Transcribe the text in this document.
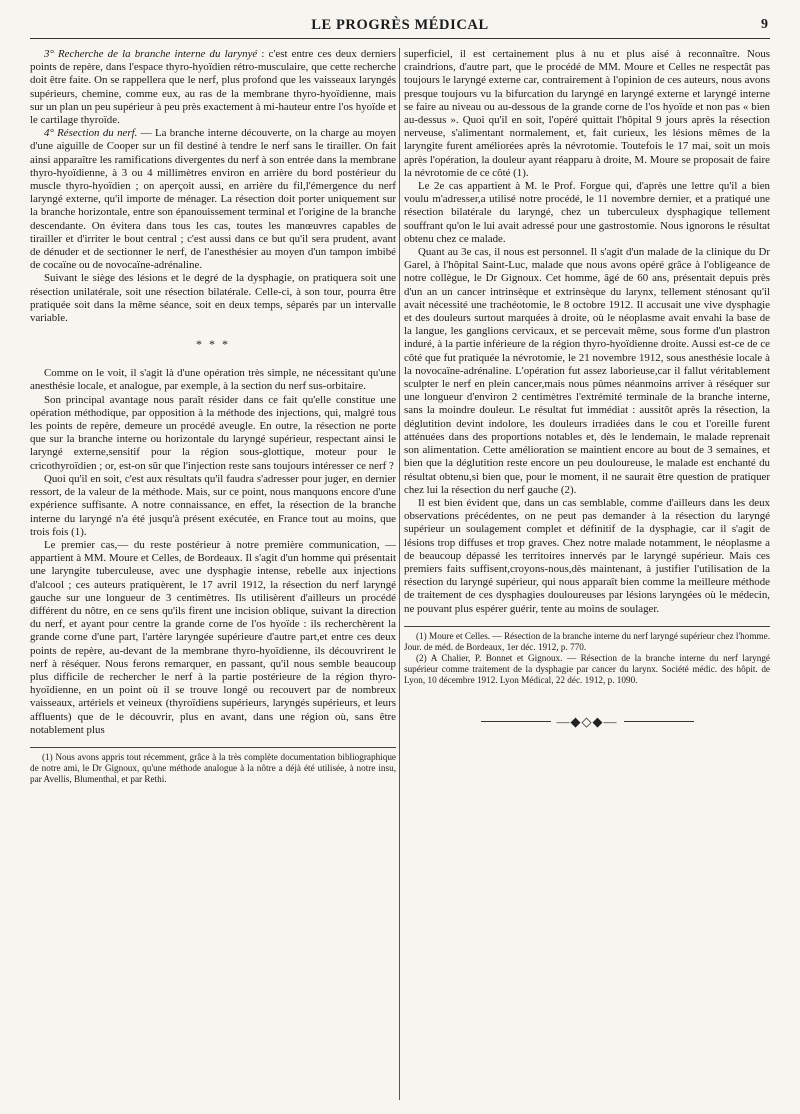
LE PROGRÈS MÉDICAL	9

3° Recherche de la branche interne du larynyé : c'est entre ces deux derniers points de repère, dans l'espace thyro-hyoïdien rétro-musculaire, que cette recherche doit être faite. On se rappellera que le nerf, plus profond que les vaisseaux laryngés supérieurs, chemine, comme eux, au ras de la membrane thyro-hyoïdienne, mais sur un plan un peu supérieur à peu près exactement à mi-hauteur entre l'os hyoïde et le cartilage thyroïde.

4° Résection du nerf. — La branche interne découverte, on la charge au moyen d'une aiguille de Cooper sur un fil destiné à tendre le nerf sans le tirailler. On fait ainsi apparaître les ramifications divergentes du nerf à son entrée dans la membrane thyro-hyoïdienne, à 3 ou 4 millimètres environ en arrière du bord postérieur du muscle thyro-hyoïdien ; on aperçoit aussi, en arrière du fil,l'émergence du nerf laryngé externe, qu'il importe de ménager. La résection doit porter uniquement sur la branche horizontale, entre son épanouissement terminal et l'origine de la branche descendante. On évitera dans tous les cas, toutes les manœuvres capables de tirailler et d'irriter le bout central ; c'est aussi dans ce but qu'il sera prudent, avant de dénuder et de sectionner le nerf, de l'anesthésier au moyen d'un tampon imbibé de cocaïne ou de novocaïne-adrénaline.

Suivant le siège des lésions et le degré de la dysphagie, on pratiquera soit une résection unilatérale, soit une résection bilatérale. Celle-ci, à son tour, pourra être pratiquée soit dans la même séance, soit en deux temps, séparés par un intervalle variable.

* * *

Comme on le voit, il s'agit là d'une opération très simple, ne nécessitant qu'une anesthésie locale, et analogue, par exemple, à la section du nerf sus-orbitaire.

Son principal avantage nous paraît résider dans ce fait qu'elle constitue une opération méthodique, par opposition à la méthode des injections, qui, malgré tous les points de repère, demeure un procédé aveugle. En outre, la résection ne porte que sur la branche interne ou horizontale du laryngé supérieur, respectant ainsi le laryngé externe,sensitif pour la région sous-glottique, moteur pour le cricothyroïdien ; or, est-on sûr que l'injection reste sans toujours intéresser ce nerf ?

Quoi qu'il en soit, c'est aux résultats qu'il faudra s'adresser pour juger, en dernier ressort, de la valeur de la méthode. Mais, sur ce point, nous manquons encore d'une expérience suffisante. A notre connaissance, en effet, la résection de la branche interne du laryngé n'a été jusqu'à présent exécutée, en France tout au moins, que trois fois (1).

Le premier cas,— du reste postérieur à notre première communication, — appartient à MM. Moure et Celles, de Bordeaux. Il s'agit d'un homme qui présentait une laryngite tuberculeuse, avec une dysphagie intense, rebelle aux injections d'alcool ; ces auteurs pratiquèrent, le 17 avril 1912, la résection du nerf laryngé gauche sur une longueur de 3 centimètres. Ils utilisèrent d'ailleurs un procédé différent du nôtre, en ce sens qu'ils firent une incision oblique, suivant la direction du nerf, et ayant pour centre la grande corne de l'os hyoïde : ils recherchèrent la grande corne d'une part, l'artère laryngée supérieure d'autre part,et entre ces deux points de repère, au-devant de la membrane thyro-hyoïdienne, ils découvrirent le nerf à réséquer. Nous ferons remarquer, en passant, qu'il nous semble beaucoup plus difficile de rechercher le nerf à la partie postérieure de la région thyro-hyoïdienne, en un point où il se trouve longé ou recouvert par de nombreux vaisseaux, artériels et veineux (thyroïdiens supérieurs, laryngés supérieurs, et leurs affluents) que de le découvrir, plus en avant, dans une région où, sans être notablement plus

(1) Nous avons appris tout récemment, grâce à la très complète documentation bibliographique de notre ami, le Dr Gignoux, qu'une méthode analogue à la nôtre a déjà été utilisée, à notre insu, par Avellis, Blumenthal, et par Rethi.

superficiel, il est certainement plus à nu et plus aisé à reconnaître. Nous craindrions, d'autre part, que le procédé de MM. Moure et Celles ne respectât pas toujours le laryngé externe car, contrairement à l'opinion de ces auteurs, nous avons presque toujours vu la bifurcation du laryngé en laryngé externe et laryngé interne se faire au niveau ou au-dessous de la grande corne de l'os hyoïde et non pas « bien au-dessus ». Quoi qu'il en soit, l'opéré quittait l'hôpital 9 jours après la résection nerveuse, s'alimentant normalement, et, fait curieux, les lésions mêmes de la laryngite furent améliorées après la névrotomie. Toutefois le 17 mai, soit un mois après l'opération, la douleur ayant réapparu à droite, M. Moure se proposait de faire la névrotomie de ce côté (1).

Le 2e cas appartient à M. le Prof. Forgue qui, d'après une lettre qu'il a bien voulu m'adresser,a utilisé notre procédé, le 11 novembre dernier, et a pratiqué une résection bilatérale du laryngé, chez un tuberculeux dysphagique tellement souffrant qu'on le lui avait adressé pour une gastrostomie. Nous ignorons le résultat obtenu chez ce malade.

Quant au 3e cas, il nous est personnel. Il s'agit d'un malade de la clinique du Dr Garel, à l'hôpital Saint-Luc, malade que nous avons opéré grâce à l'obligeance de notre collègue, le Dr Gignoux. Cet homme, âgé de 60 ans, présentait depuis près d'un an un cancer intrinsèque et extrinsèque du larynx, tellement sténosant qu'il avait nécessité une trachéotomie, le 8 octobre 1912. Il accusait une vive dysphagie et des douleurs surtout marquées à droite, où le néoplasme avait envahi la base de la langue, les ganglions cervicaux, et se percevait même, sous forme d'un plastron induré, à la partie inférieure de la région thyro-hyoïdienne droite. Aussi est-ce de ce côté que fut pratiquée la névrotomie, le 21 novembre 1912, sous anesthésie locale à la novocaïne-adrénaline. L'opération fut assez laborieuse,car il fallut véritablement sculpter le nerf en plein cancer,mais nous pûmes néanmoins arriver à réséquer sur une longueur d'environ 2 centimètres l'extrémité terminale de la branche interne, sans la moindre douleur. Le résultat fut immédiat : aussitôt après la résection, la déglutition devint indolore, les douleurs irradiées dans le cou et l'oreille furent atténuées dans des proportions notables et, dès le lendemain, le malade reprenait son alimentation. Cette amélioration se maintient encore au bout de 3 semaines, et bien que la déglutition reste encore un peu douloureuse, le malade est enchanté du résultat obtenu,si bien que, pour le moment, il ne saurait être question de pratiquer chez lui la résection du nerf gauche (2).

Il est bien évident que, dans un cas semblable, comme d'ailleurs dans les deux observations précédentes, on ne peut pas demander à la résection du laryngé supérieur un soulagement complet et définitif de la dysphagie, car il s'agit de lésions trop diffuses et trop graves. Chez notre malade notamment, le néoplasme a de beaucoup dépassé les territoires innervés par le laryngé supérieur. Mais ces premiers faits suffisent,croyons-nous,dès maintenant, à justifier l'utilisation de la résection du laryngé supérieur, qui nous apparaît bien comme la meilleure méthode de traitement de ces dysphagies douloureuses par lésions laryngées où le médecin, ne pouvant plus espérer guérir, tente au moins de soulager.

(1) Moure et Celles. — Résection de la branche interne du nerf laryngé supérieur chez l'homme. Jour. de méd. de Bordeaux, 1er déc. 1912, p. 770.

(2) A Chalier, P. Bonnet et Gignoux. — Résection de la branche interne du nerf laryngé supérieur comme traitement de la dysphagie par cancer du larynx. Société médic. des hôpit. de Lyon, 10 décembre 1912. Lyon Médical, 22 déc. 1912, p. 1090.

—◆◇◆—
